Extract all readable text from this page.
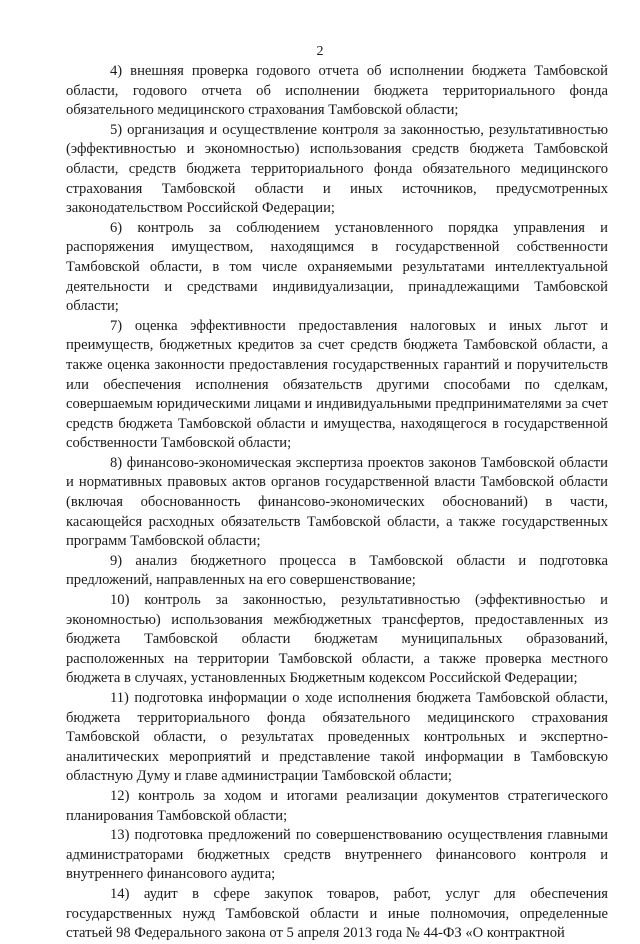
2

4) внешняя проверка годового отчета об исполнении бюджета Тамбовской области, годового отчета об исполнении бюджета территориального фонда обязательного медицинского страхования Тамбовской области;

5) организация и осуществление контроля за законностью, результативностью (эффективностью и экономностью) использования средств бюджета Тамбовской области, средств бюджета территориального фонда обязательного медицинского страхования Тамбовской области и иных источников, предусмотренных законодательством Российской Федерации;

6) контроль за соблюдением установленного порядка управления и распоряжения имуществом, находящимся в государственной собственности Тамбовской области, в том числе охраняемыми результатами интеллектуальной деятельности и средствами индивидуализации, принадлежащими Тамбовской области;

7) оценка эффективности предоставления налоговых и иных льгот и преимуществ, бюджетных кредитов за счет средств бюджета Тамбовской области, а также оценка законности предоставления государственных гарантий и поручительств или обеспечения исполнения обязательств другими способами по сделкам, совершаемым юридическими лицами и индивидуальными предпринимателями за счет средств бюджета Тамбовской области и имущества, находящегося в государственной собственности Тамбовской области;

8) финансово-экономическая экспертиза проектов законов Тамбовской области и нормативных правовых актов органов государственной власти Тамбовской области (включая обоснованность финансово-экономических обоснований) в части, касающейся расходных обязательств Тамбовской области, а также государственных программ Тамбовской области;

9) анализ бюджетного процесса в Тамбовской области и подготовка предложений, направленных на его совершенствование;

10) контроль за законностью, результативностью (эффективностью и экономностью) использования межбюджетных трансфертов, предоставленных из бюджета Тамбовской области бюджетам муниципальных образований, расположенных на территории Тамбовской области, а также проверка местного бюджета в случаях, установленных Бюджетным кодексом Российской Федерации;

11) подготовка информации о ходе исполнения бюджета Тамбовской области, бюджета территориального фонда обязательного медицинского страхования Тамбовской области, о результатах проведенных контрольных и экспертно-аналитических мероприятий и представление такой информации в Тамбовскую областную Думу и главе администрации Тамбовской области;

12) контроль за ходом и итогами реализации документов стратегического планирования Тамбовской области;

13) подготовка предложений по совершенствованию осуществления главными администраторами бюджетных средств внутреннего финансового контроля и внутреннего финансового аудита;

14) аудит в сфере закупок товаров, работ, услуг для обеспечения государственных нужд Тамбовской области и иные полномочия, определенные статьей 98 Федерального закона от 5 апреля 2013 года № 44-ФЗ «О контрактной
